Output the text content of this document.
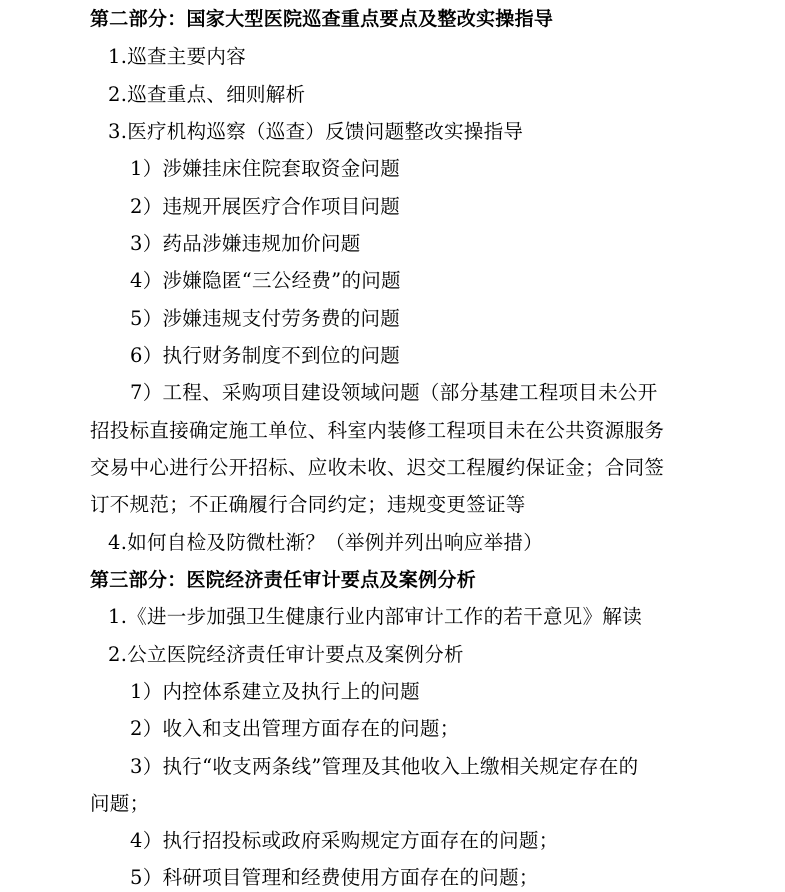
第二部分：国家大型医院巡查重点要点及整改实操指导
1.巡查主要内容
2.巡查重点、细则解析
3.医疗机构巡察（巡查）反馈问题整改实操指导
1）涉嫌挂床住院套取资金问题
2）违规开展医疗合作项目问题
3）药品涉嫌违规加价问题
4）涉嫌隐匿“三公经费”的问题
5）涉嫌违规支付劳务费的问题
6）执行财务制度不到位的问题
7）工程、采购项目建设领域问题（部分基建工程项目未公开
招投标直接确定施工单位、科室内装修工程项目未在公共资源服务
交易中心进行公开招标、应收未收、迟交工程履约保证金；合同签
订不规范；不正确履行合同约定；违规变更签证等
4.如何自检及防微杜渐？（举例并列出响应举措）
第三部分：医院经济责任审计要点及案例分析
1.《进一步加强卫生健康行业内部审计工作的若干意见》解读
2.公立医院经济责任审计要点及案例分析
1）内控体系建立及执行上的问题
2）收入和支出管理方面存在的问题；
3）执行“收支两条线”管理及其他收入上缴相关规定存在的
问题；
4）执行招投标或政府采购规定方面存在的问题；
5）科研项目管理和经费使用方面存在的问题；
